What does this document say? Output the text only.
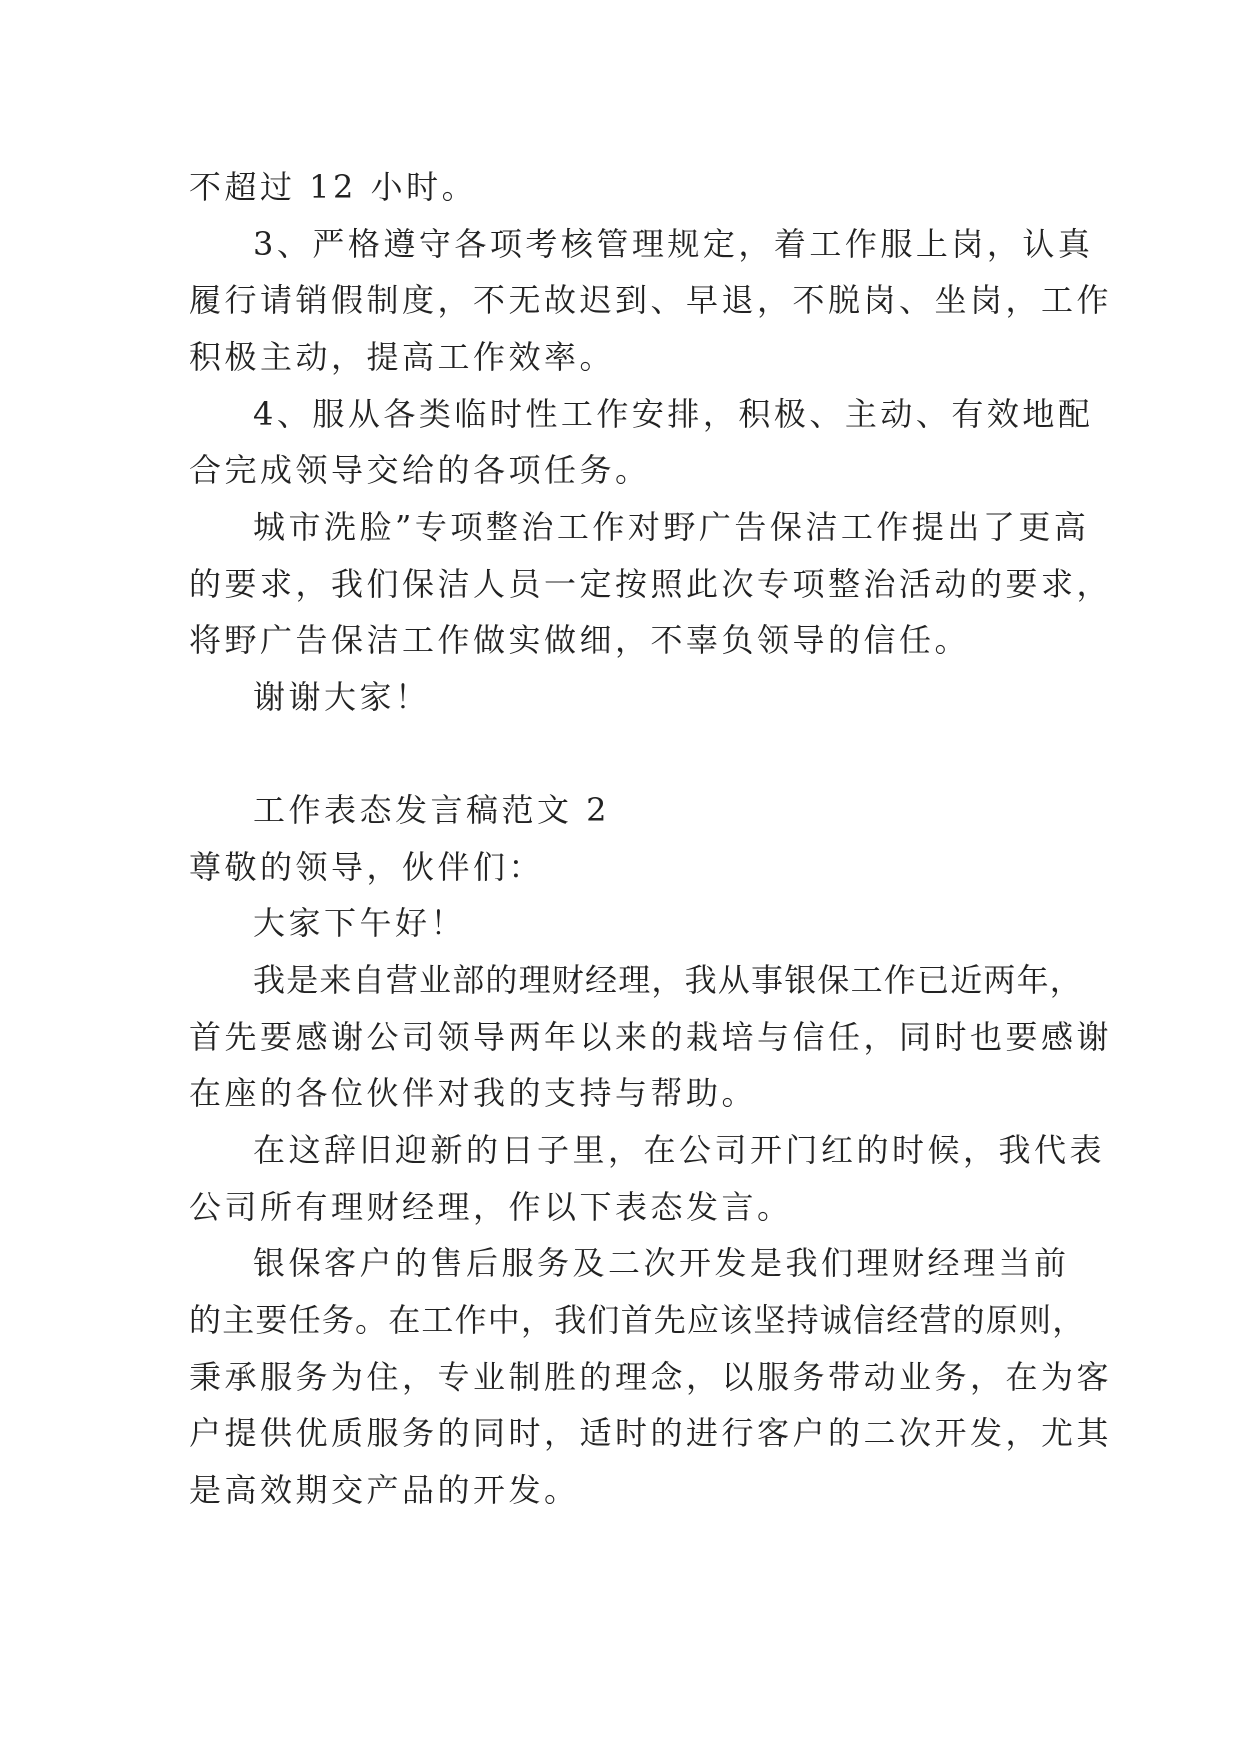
不超过 12 小时。
3、严格遵守各项考核管理规定，着工作服上岗，认真
履行请销假制度，不无故迟到、早退，不脱岗、坐岗，工作
积极主动，提高工作效率。
4、服从各类临时性工作安排，积极、主动、有效地配
合完成领导交给的各项任务。
城市洗脸”专项整治工作对野广告保洁工作提出了更高
的要求，我们保洁人员一定按照此次专项整治活动的要求，
将野广告保洁工作做实做细，不辜负领导的信任。
谢谢大家！
工作表态发言稿范文 2
尊敬的领导，伙伴们：
大家下午好！
我是来自营业部的理财经理，我从事银保工作已近两年，
首先要感谢公司领导两年以来的栽培与信任，同时也要感谢
在座的各位伙伴对我的支持与帮助。
在这辞旧迎新的日子里，在公司开门红的时候，我代表
公司所有理财经理，作以下表态发言。
银保客户的售后服务及二次开发是我们理财经理当前
的主要任务。在工作中，我们首先应该坚持诚信经营的原则，
秉承服务为住，专业制胜的理念，以服务带动业务，在为客
户提供优质服务的同时，适时的进行客户的二次开发，尤其
是高效期交产品的开发。
